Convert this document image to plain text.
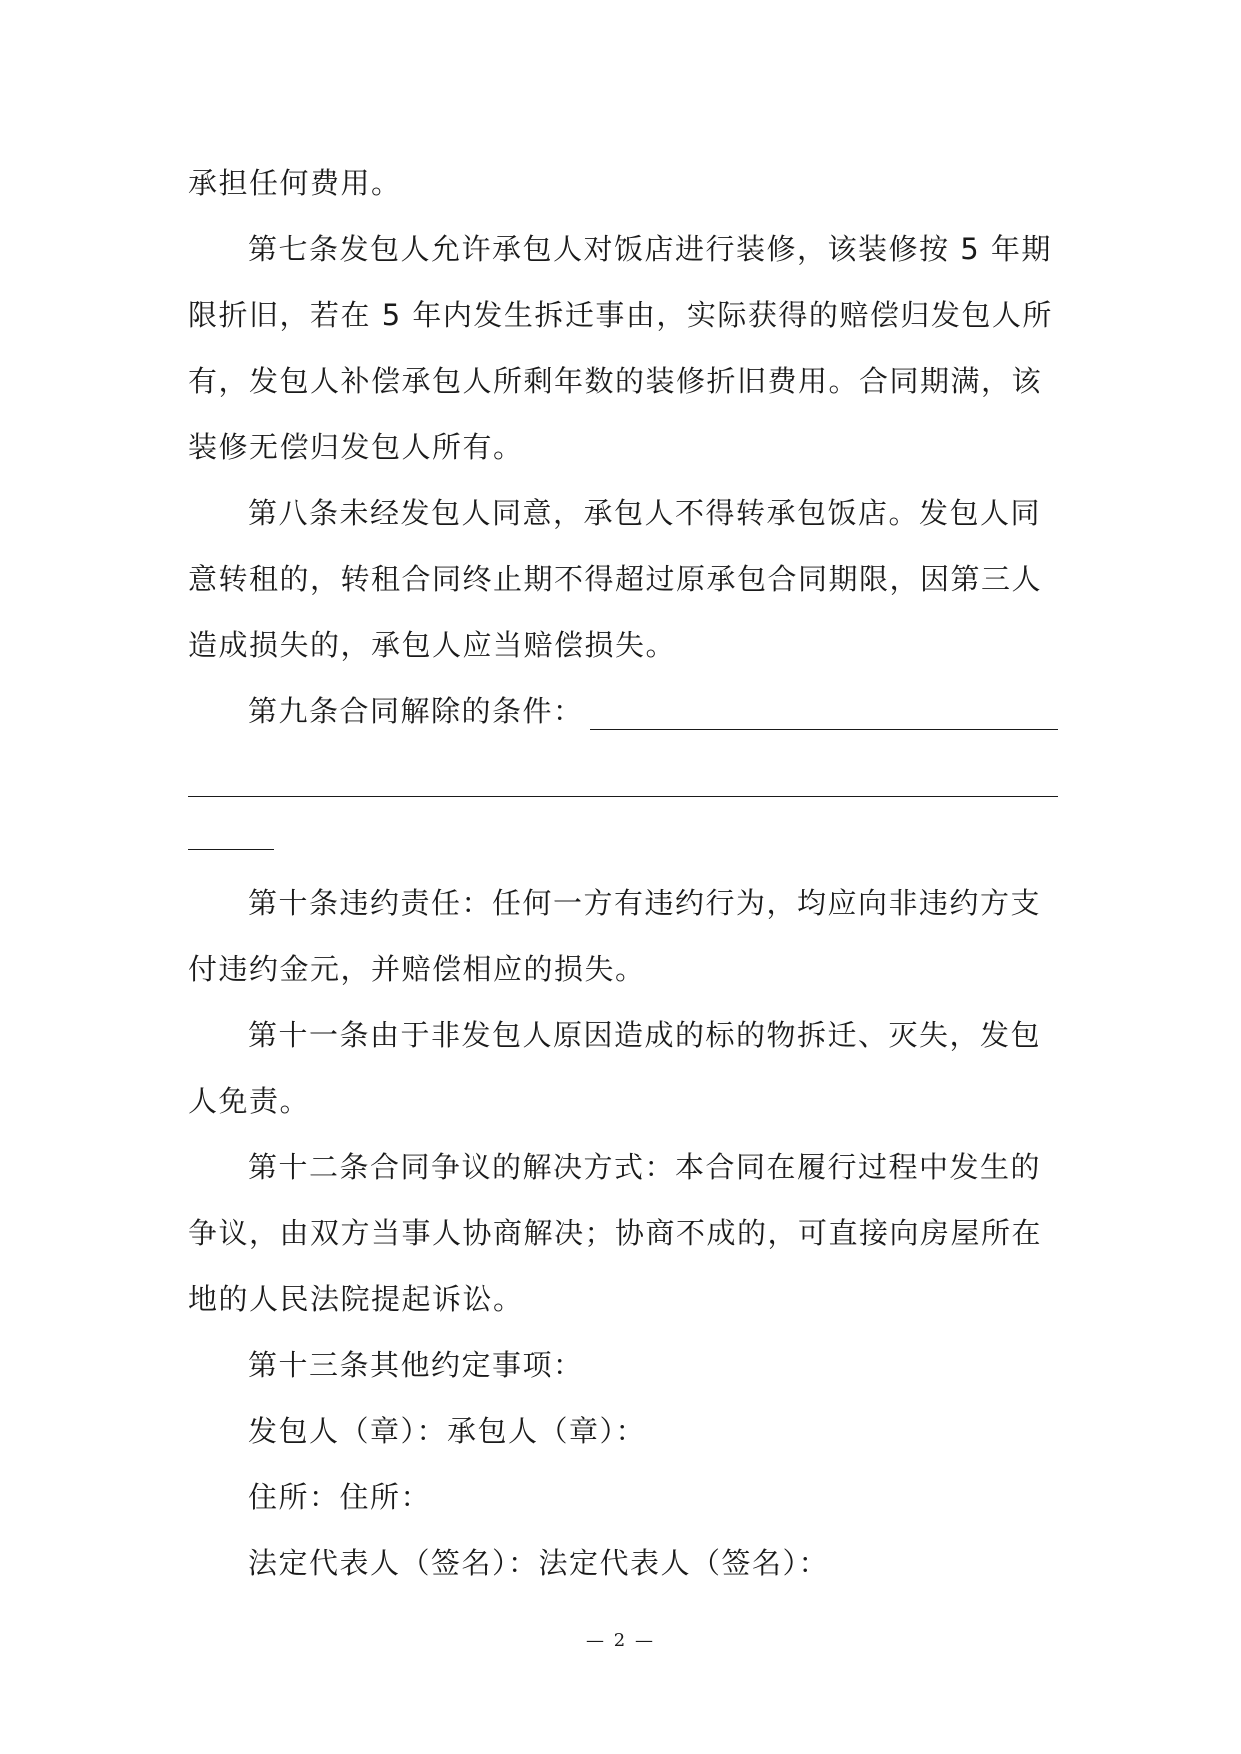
承担任何费用。

第七条发包人允许承包人对饭店进行装修，该装修按 5 年期限折旧，若在 5 年内发生拆迁事由，实际获得的赔偿归发包人所有，发包人补偿承包人所剩年数的装修折旧费用。合同期满，该装修无偿归发包人所有。

第八条未经发包人同意，承包人不得转承包饭店。发包人同意转租的，转租合同终止期不得超过原承包合同期限，因第三人造成损失的，承包人应当赔偿损失。

第九条合同解除的条件：

第十条违约责任：任何一方有违约行为，均应向非违约方支付违约金元，并赔偿相应的损失。

第十一条由于非发包人原因造成的标的物拆迁、灭失，发包人免责。

第十二条合同争议的解决方式：本合同在履行过程中发生的争议，由双方当事人协商解决；协商不成的，可直接向房屋所在地的人民法院提起诉讼。

第十三条其他约定事项：

发包人（章）：承包人（章）：

住所：住所：

法定代表人（签名）：法定代表人（签名）：

— 2 —
